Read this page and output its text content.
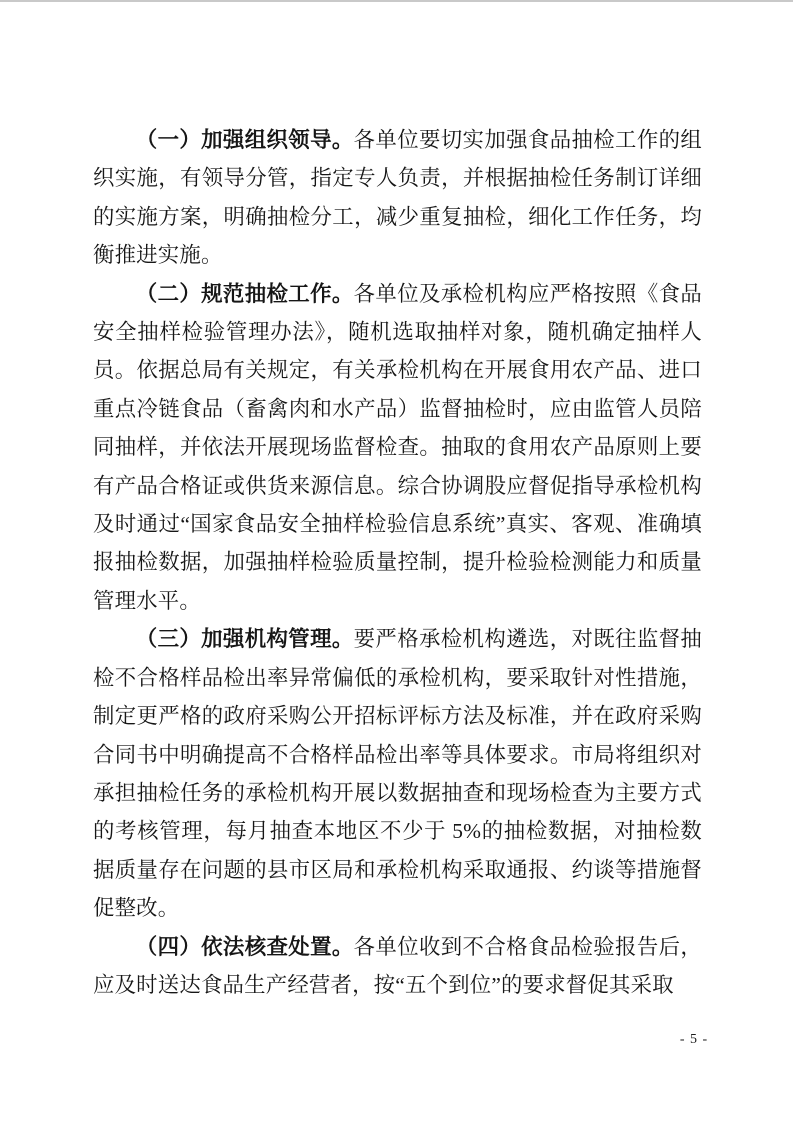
（一）加强组织领导。各单位要切实加强食品抽检工作的组织实施，有领导分管，指定专人负责，并根据抽检任务制订详细的实施方案，明确抽检分工，减少重复抽检，细化工作任务，均衡推进实施。

（二）规范抽检工作。各单位及承检机构应严格按照《食品安全抽样检验管理办法》，随机选取抽样对象，随机确定抽样人员。依据总局有关规定，有关承检机构在开展食用农产品、进口重点冷链食品（畜禽肉和水产品）监督抽检时，应由监管人员陪同抽样，并依法开展现场监督检查。抽取的食用农产品原则上要有产品合格证或供货来源信息。综合协调股应督促指导承检机构及时通过“国家食品安全抽样检验信息系统”真实、客观、准确填报抽检数据，加强抽样检验质量控制，提升检验检测能力和质量管理水平。

（三）加强机构管理。要严格承检机构遴选，对既往监督抽检不合格样品检出率异常偏低的承检机构，要采取针对性措施，制定更严格的政府采购公开招标评标方法及标准，并在政府采购合同书中明确提高不合格样品检出率等具体要求。市局将组织对承担抽检任务的承检机构开展以数据抽查和现场检查为主要方式的考核管理，每月抽查本地区不少于 5%的抽检数据，对抽检数据质量存在问题的县市区局和承检机构采取通报、约谈等措施督促整改。

（四）依法核查处置。各单位收到不合格食品检验报告后，应及时送达食品生产经营者，按“五个到位”的要求督促其采取

- 5 -
